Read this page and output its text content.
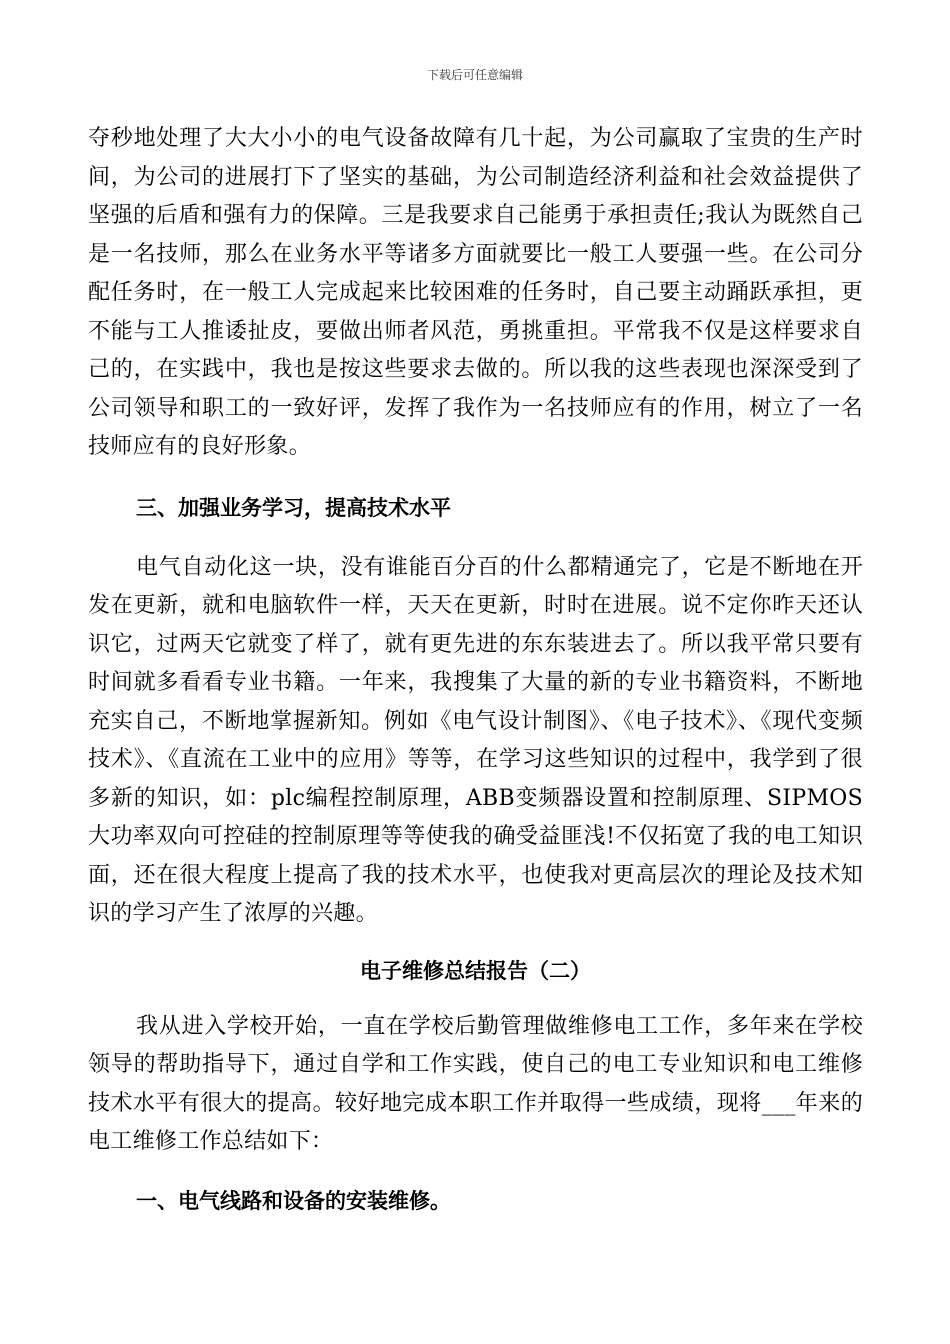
下载后可任意编辑

夺秒地处理了大大小小的电气设备故障有几十起，为公司赢取了宝贵的生产时间，为公司的进展打下了坚实的基础，为公司制造经济利益和社会效益提供了坚强的后盾和强有力的保障。三是我要求自己能勇于承担责任;我认为既然自己是一名技师，那么在业务水平等诸多方面就要比一般工人要强一些。在公司分配任务时，在一般工人完成起来比较困难的任务时，自己要主动踊跃承担，更不能与工人推诿扯皮，要做出师者风范，勇挑重担。平常我不仅是这样要求自己的，在实践中，我也是按这些要求去做的。所以我的这些表现也深深受到了公司领导和职工的一致好评，发挥了我作为一名技师应有的作用，树立了一名技师应有的良好形象。

三、加强业务学习，提高技术水平

电气自动化这一块，没有谁能百分百的什么都精通完了，它是不断地在开发在更新，就和电脑软件一样，天天在更新，时时在进展。说不定你昨天还认识它，过两天它就变了样了，就有更先进的东东装进去了。所以我平常只要有时间就多看看专业书籍。一年来，我搜集了大量的新的专业书籍资料，不断地充实自己，不断地掌握新知。例如《电气设计制图》、《电子技术》、《现代变频技术》、《直流在工业中的应用》等等，在学习这些知识的过程中，我学到了很多新的知识，如：plc编程控制原理，ABB变频器设置和控制原理、SIPMOS大功率双向可控硅的控制原理等等使我的确受益匪浅!不仅拓宽了我的电工知识面，还在很大程度上提高了我的技术水平，也使我对更高层次的理论及技术知识的学习产生了浓厚的兴趣。

电子维修总结报告（二）

我从进入学校开始，一直在学校后勤管理做维修电工工作，多年来在学校领导的帮助指导下，通过自学和工作实践，使自己的电工专业知识和电工维修技术水平有很大的提高。较好地完成本职工作并取得一些成绩，现将___年来的电工维修工作总结如下：

一、电气线路和设备的安装维修。
